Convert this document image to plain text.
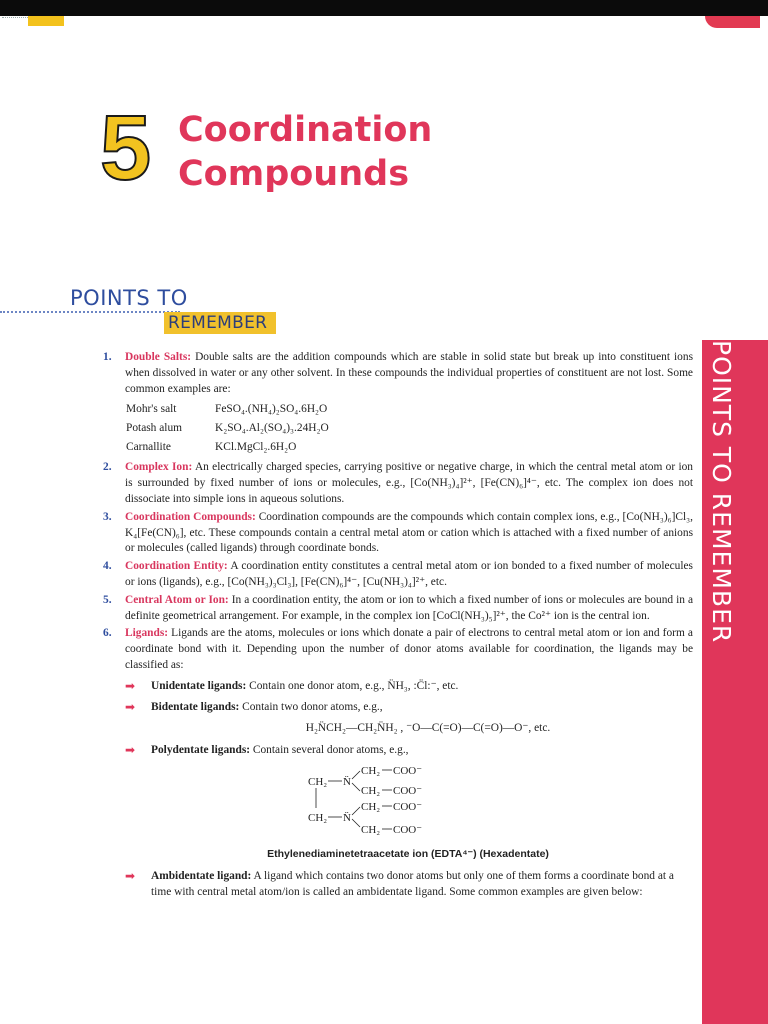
5 Coordination
Compounds
POINTS TO
REMEMBER
POINTS TO REMEMBER
1. Double Salts: Double salts are the addition compounds which are stable in solid state but break up into constituent ions when dissolved in water or any other solvent. In these compounds the individual properties of constituent are not lost. Some common examples are:
Mohr's salt	FeSO₄.(NH₄)₂SO₄.6H₂O
Potash alum	K₂SO₄.Al₂(SO₄)₃.24H₂O
Carnallite	KCl.MgCl₂.6H₂O
2. Complex Ion: An electrically charged species, carrying positive or negative charge, in which the central metal atom or ion is surrounded by fixed number of ions or molecules, e.g., [Co(NH₃)₄]²⁺, [Fe(CN)₆]⁴⁻, etc. The complex ion does not dissociate into simple ions in aqueous solutions.
3. Coordination Compounds: Coordination compounds are the compounds which contain complex ions, e.g., [Co(NH₃)₆]Cl₃, K₄[Fe(CN)₆], etc. These compounds contain a central metal atom or cation which is attached with a fixed number of anions or molecules (called ligands) through coordinate bonds.
4. Coordination Entity: A coordination entity constitutes a central metal atom or ion bonded to a fixed number of molecules or ions (ligands), e.g., [Co(NH₃)₃Cl₃], [Fe(CN)₆]⁴⁻, [Cu(NH₃)₄]²⁺, etc.
5. Central Atom or Ion: In a coordination entity, the atom or ion to which a fixed number of ions or molecules are bound in a definite geometrical arrangement. For example, in the complex ion [CoCl(NH₃)₅]²⁺, the Co²⁺ ion is the central ion.
6. Ligands: Ligands are the atoms, molecules or ions which donate a pair of electrons to central metal atom or ion and form a coordinate bond with it. Depending upon the number of donor atoms available for coordination, the ligands may be classified as:
➡ Unidentate ligands: Contain one donor atom, e.g., N̈H₃, :C̈l:⁻, etc.
➡ Bidentate ligands: Contain two donor atoms, e.g.,
H₂N̈CH₂—CH₂N̈H₂ , ⁻O—C(=O)—C(=O)—O⁻, etc.
➡ Polydentate ligands: Contain several donor atoms, e.g.,
CH₂ N̈
CH₂ COO⁻
CH₂ COO⁻
CH₂ N̈
CH₂ COO⁻
CH₂ COO⁻
Ethylenediaminetetraacetate ion (EDTA⁴⁻) (Hexadentate)
➡ Ambidentate ligand: A ligand which contains two donor atoms but only one of them forms a coordinate bond at a time with central metal atom/ion is called an ambidentate ligand. Some common examples are given below:
